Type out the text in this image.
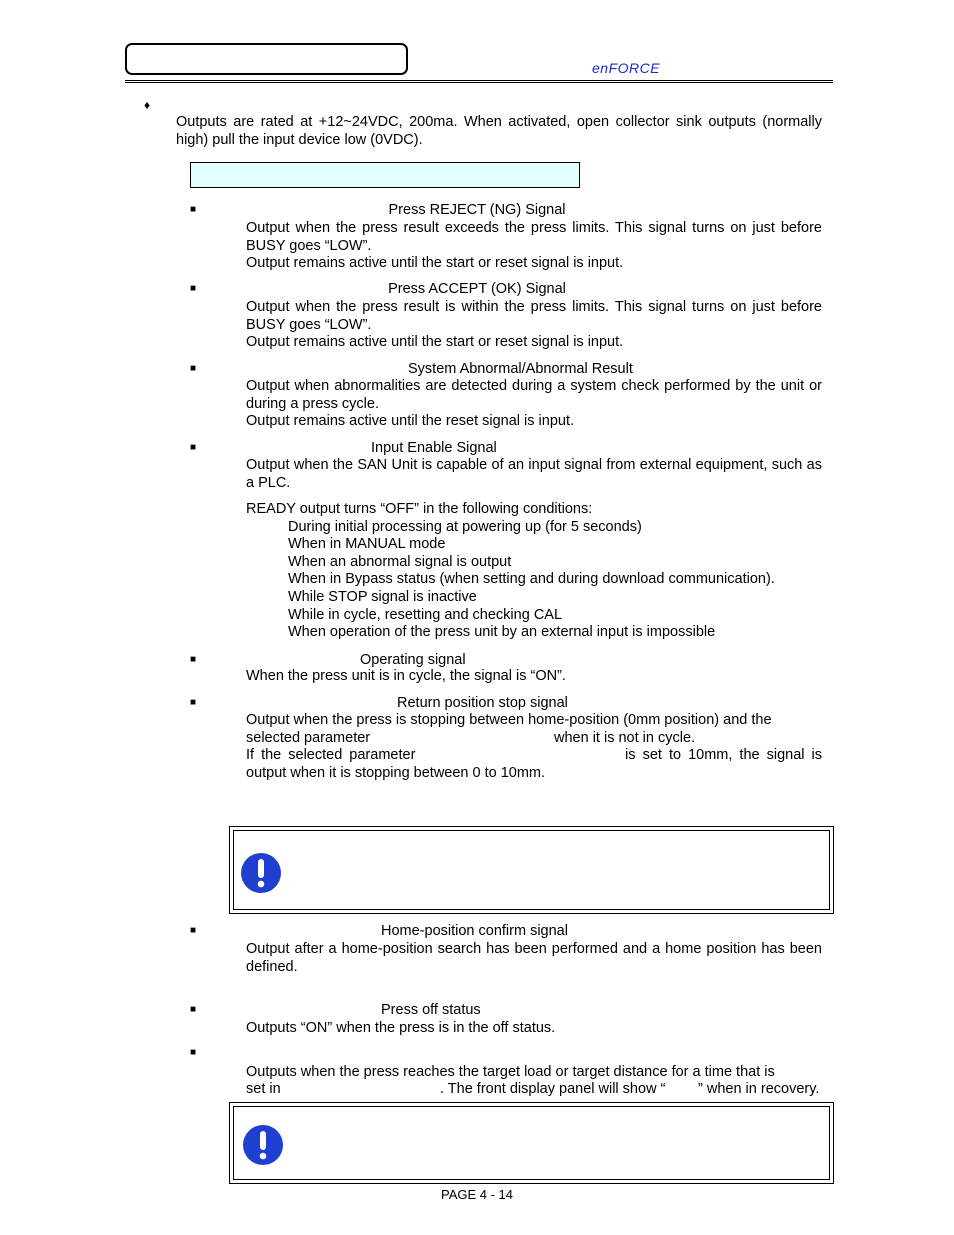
enFORCE
♦
Outputs are rated at +12~24VDC, 200ma. When activated, open collector sink outputs (normally high) pull the input device low (0VDC).
■	Press REJECT (NG) Signal
Output when the press result exceeds the press limits. This signal turns on just before BUSY goes “LOW”.
Output remains active until the start or reset signal is input.
■	Press ACCEPT (OK) Signal
Output when the press result is within the press limits. This signal turns on just before BUSY goes “LOW”.
Output remains active until the start or reset signal is input.
■	System Abnormal/Abnormal Result
Output when abnormalities are detected during a system check performed by the unit or during a press cycle.
Output remains active until the reset signal is input.
■	Input Enable Signal
Output when the SAN Unit is capable of an input signal from external equipment, such as a PLC.
READY output turns “OFF” in the following conditions:
During initial processing at powering up (for 5 seconds)
When in MANUAL mode
When an abnormal signal is output
When in Bypass status (when setting and during download communication).
While STOP signal is inactive
While in cycle, resetting and checking CAL
When operation of the press unit by an external input is impossible
■	Operating signal
When the press unit is in cycle, the signal is “ON”.
■	Return position stop signal
Output when the press is stopping between home-position (0mm position) and the
selected parameter	when it is not in cycle.
If the selected parameter	is set to 10mm, the signal is
output when it is stopping between 0 to 10mm.
■	Home-position confirm signal
Output after a home-position search has been performed and a home position has been defined.
■	Press off status
Outputs “ON” when the press is in the off status.
■
Outputs when the press reaches the target load or target distance for a time that is
set in	. The front display panel will show “ ” when in recovery.
PAGE 4 - 14
